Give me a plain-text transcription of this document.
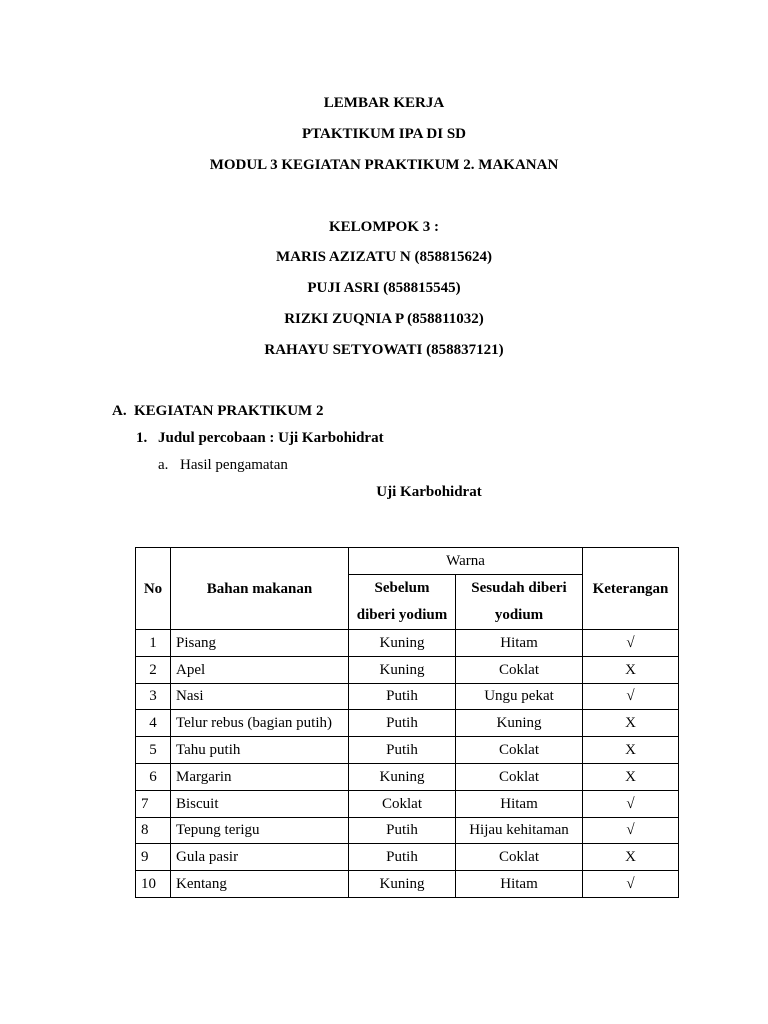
LEMBAR KERJA
PTAKTIKUM IPA DI SD
MODUL 3 KEGIATAN PRAKTIKUM 2. MAKANAN
KELOMPOK 3 :
MARIS AZIZATU N (858815624)
PUJI ASRI (858815545)
RIZKI ZUQNIA P (858811032)
RAHAYU SETYOWATI (858837121)
A. KEGIATAN PRAKTIKUM 2
1. Judul percobaan : Uji Karbohidrat
a. Hasil pengamatan
Uji Karbohidrat
No	Bahan makanan	Warna		Keterangan
		Sebelum diberi yodium	Sesudah diberi yodium	
1	Pisang	Kuning	Hitam	√
2	Apel	Kuning	Coklat	X
3	Nasi	Putih	Ungu pekat	√
4	Telur rebus (bagian putih)	Putih	Kuning	X
5	Tahu putih	Putih	Coklat	X
6	Margarin	Kuning	Coklat	X
7	Biscuit	Coklat	Hitam	√
8	Tepung terigu	Putih	Hijau kehitaman	√
9	Gula pasir	Putih	Coklat	X
10	Kentang	Kuning	Hitam	√
